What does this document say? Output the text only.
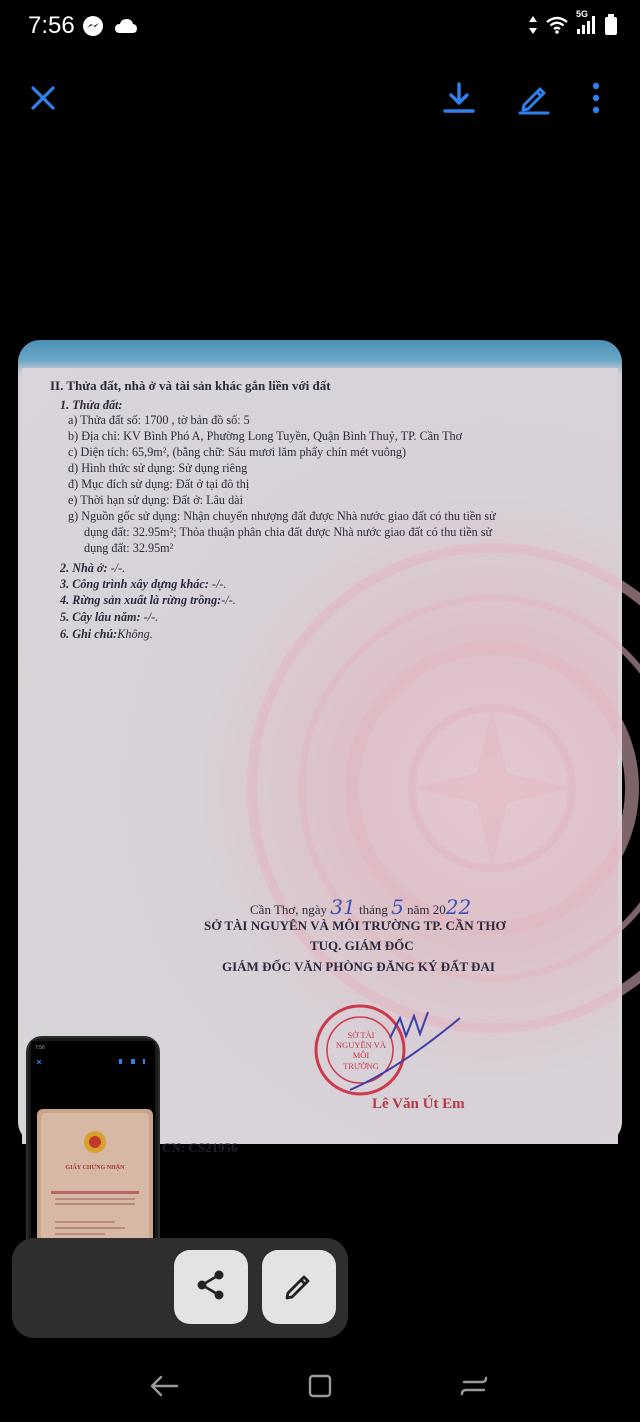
7:56	5G
II. Thửa đất, nhà ở và tài sản khác gắn liền với đất
1. Thửa đất:
a) Thửa đất số: 1700 , tờ bản đồ số: 5
b) Địa chỉ: KV Bình Phó A, Phường Long Tuyền, Quận Bình Thuỷ, TP. Cần Thơ
c) Diện tích: 65,9m², (bằng chữ: Sáu mươi lăm phẩy chín mét vuông)
d) Hình thức sử dụng: Sử dụng riêng
đ) Mục đích sử dụng: Đất ở tại đô thị
e) Thời hạn sử dụng: Đất ở: Lâu dài
g) Nguồn gốc sử dụng: Nhận chuyển nhượng đất được Nhà nước giao đất có thu tiền sử
dụng đất: 32.95m²; Thỏa thuận phân chia đất được Nhà nước giao đất có thu tiền sử
dụng đất: 32.95m²
2. Nhà ở: -/-.
3. Công trình xây dựng khác: -/-.
4. Rừng sản xuất là rừng trồng:-/-.
5. Cây lâu năm: -/-.
6. Ghi chú:Không.
Cần Thơ, ngày 31 tháng 5 năm 2022
SỞ TÀI NGUYÊN VÀ MÔI TRƯỜNG TP. CẦN THƠ
TUQ. GIÁM ĐỐC
GIÁM ĐỐC VĂN PHÒNG ĐĂNG KÝ ĐẤT ĐAI
SỞ TÀI NGUYÊN VÀ MÔI TRƯỜNG
Lê Văn Út Em
CN: CS21956
7:56
GIẤY CHỨNG NHẬN
